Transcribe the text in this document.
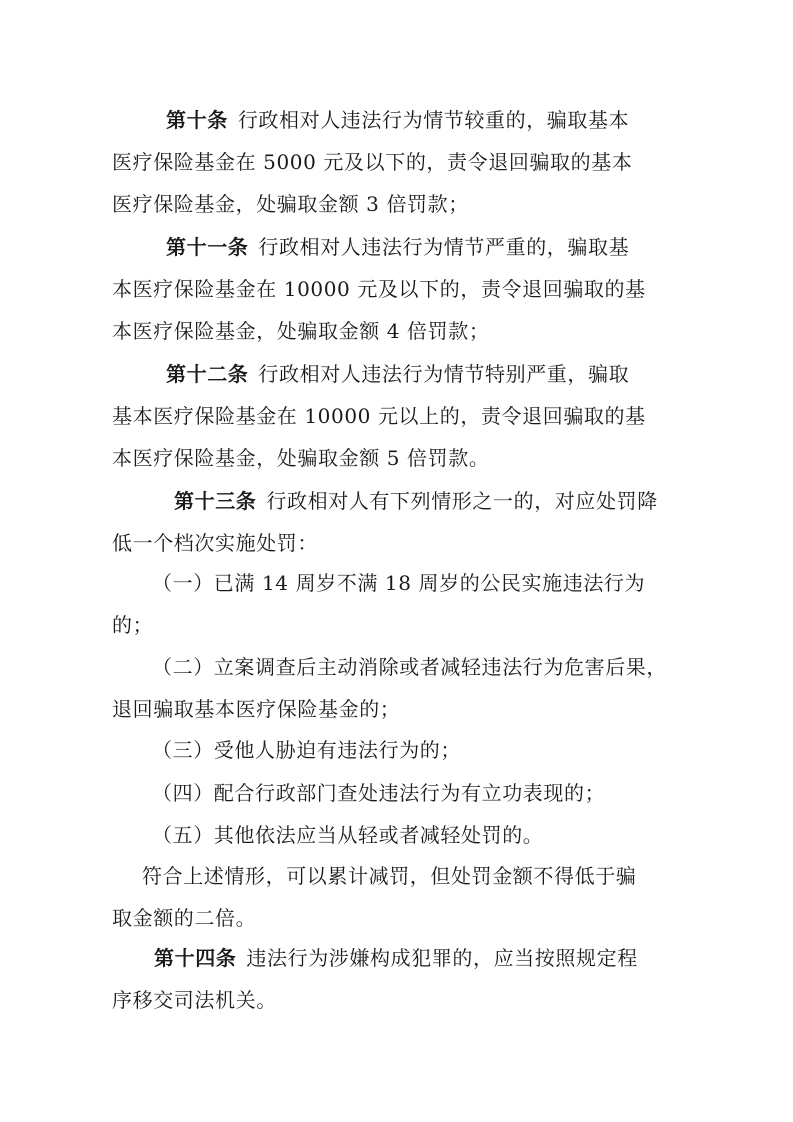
第十条 行政相对人违法行为情节较重的，骗取基本
医疗保险基金在 5000 元及以下的，责令退回骗取的基本
医疗保险基金，处骗取金额 3 倍罚款；

第十一条 行政相对人违法行为情节严重的，骗取基
本医疗保险基金在 10000 元及以下的，责令退回骗取的基
本医疗保险基金，处骗取金额 4 倍罚款；

第十二条 行政相对人违法行为情节特别严重，骗取
基本医疗保险基金在 10000 元以上的，责令退回骗取的基
本医疗保险基金，处骗取金额 5 倍罚款。

第十三条 行政相对人有下列情形之一的，对应处罚降
低一个档次实施处罚：

（一）已满 14 周岁不满 18 周岁的公民实施违法行为
的；

（二）立案调查后主动消除或者减轻违法行为危害后果，
退回骗取基本医疗保险基金的；

（三）受他人胁迫有违法行为的；

（四）配合行政部门查处违法行为有立功表现的；

（五）其他依法应当从轻或者减轻处罚的。

符合上述情形，可以累计减罚，但处罚金额不得低于骗
取金额的二倍。

第十四条 违法行为涉嫌构成犯罪的，应当按照规定程
序移交司法机关。
